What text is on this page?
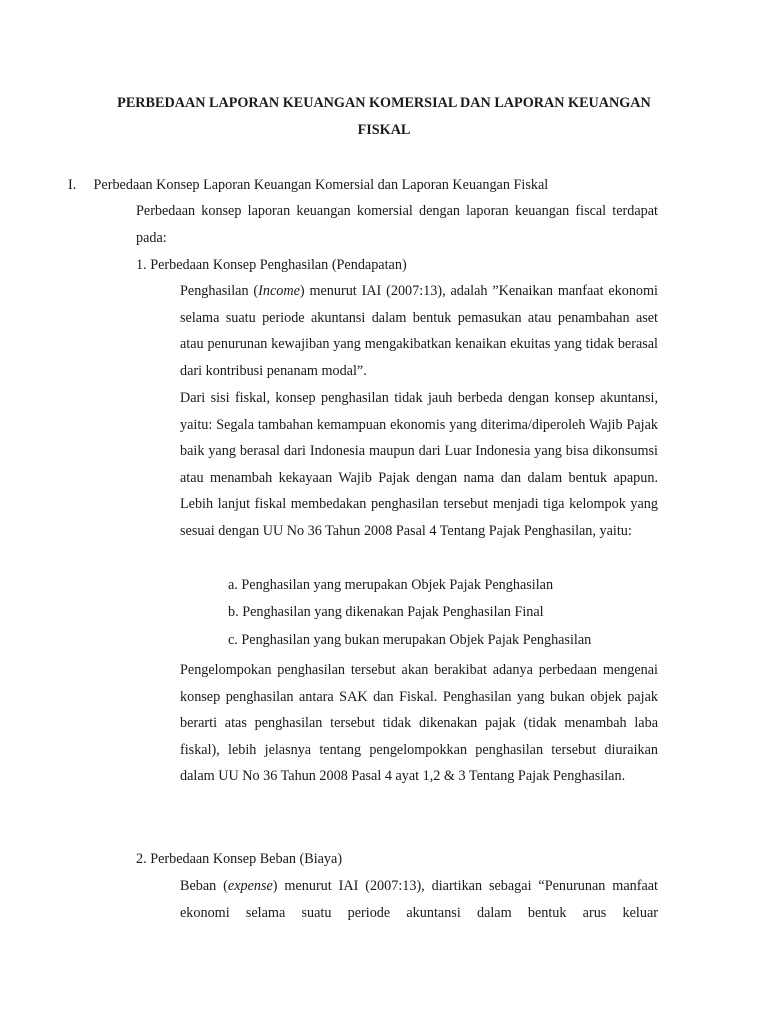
PERBEDAAN LAPORAN KEUANGAN KOMERSIAL DAN LAPORAN KEUANGAN
FISKAL
I. Perbedaan Konsep Laporan Keuangan Komersial dan Laporan Keuangan Fiskal

Perbedaan konsep laporan keuangan komersial dengan laporan keuangan fiscal terdapat pada:

1. Perbedaan Konsep Penghasilan (Pendapatan)

Penghasilan (Income) menurut IAI (2007:13), adalah ”Kenaikan manfaat ekonomi selama suatu periode akuntansi dalam bentuk pemasukan atau penambahan aset atau penurunan kewajiban yang mengakibatkan kenaikan ekuitas yang tidak berasal dari kontribusi penanam modal”.

Dari sisi fiskal, konsep penghasilan tidak jauh berbeda dengan konsep akuntansi, yaitu: Segala tambahan kemampuan ekonomis yang diterima/diperoleh Wajib Pajak baik yang berasal dari Indonesia maupun dari Luar Indonesia yang bisa dikonsumsi atau menambah kekayaan Wajib Pajak dengan nama dan dalam bentuk apapun. Lebih lanjut fiskal membedakan penghasilan tersebut menjadi tiga kelompok yang sesuai dengan UU No 36 Tahun 2008 Pasal 4 Tentang Pajak Penghasilan, yaitu:

a. Penghasilan yang merupakan Objek Pajak Penghasilan

b. Penghasilan yang dikenakan Pajak Penghasilan Final

c. Penghasilan yang bukan merupakan Objek Pajak Penghasilan

Pengelompokan penghasilan tersebut akan berakibat adanya perbedaan mengenai konsep penghasilan antara SAK dan Fiskal. Penghasilan yang bukan objek pajak berarti atas penghasilan tersebut tidak dikenakan pajak (tidak menambah laba fiskal), lebih jelasnya tentang pengelompokkan penghasilan tersebut diuraikan dalam UU No 36 Tahun 2008 Pasal 4 ayat 1,2 & 3 Tentang Pajak Penghasilan.

2. Perbedaan Konsep Beban (Biaya)

Beban (expense) menurut IAI (2007:13), diartikan sebagai “Penurunan manfaat ekonomi selama suatu periode akuntansi dalam bentuk arus keluar
